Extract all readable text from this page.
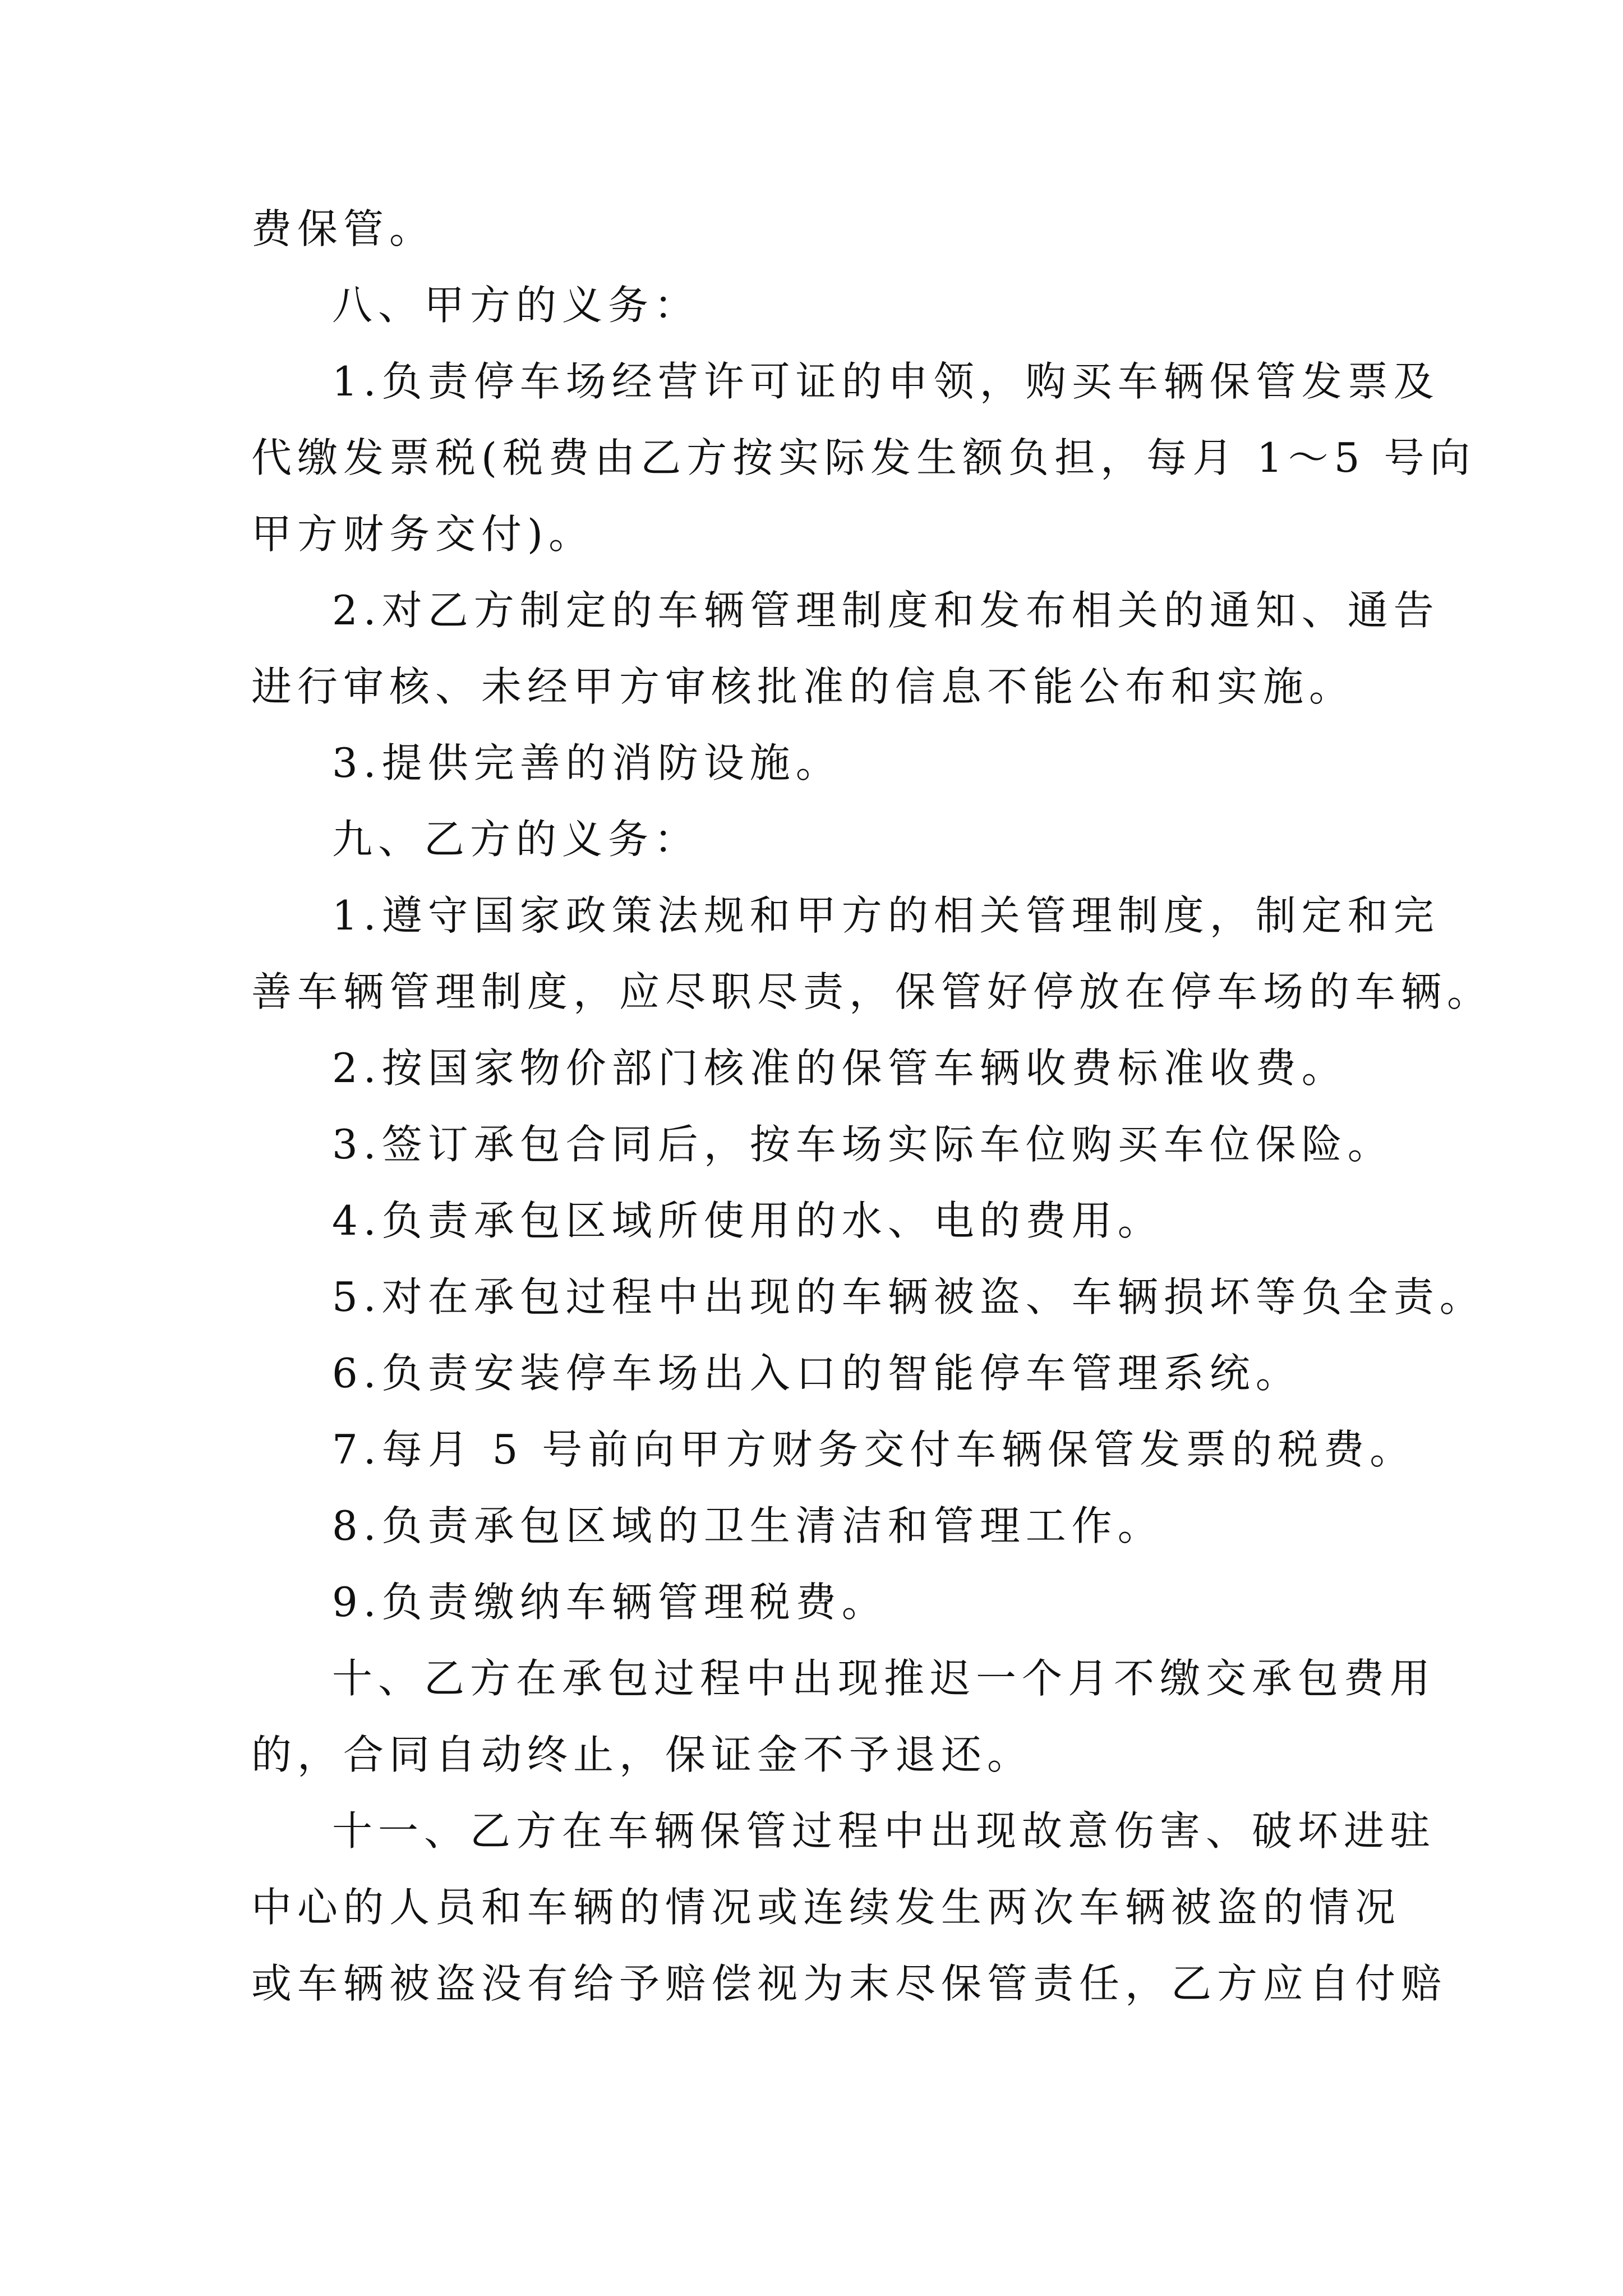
费保管。
八、甲方的义务：
1.负责停车场经营许可证的申领，购买车辆保管发票及
代缴发票税(税费由乙方按实际发生额负担，每月 1～5 号向
甲方财务交付)。
2.对乙方制定的车辆管理制度和发布相关的通知、通告
进行审核、未经甲方审核批准的信息不能公布和实施。
3.提供完善的消防设施。
九、乙方的义务：
1.遵守国家政策法规和甲方的相关管理制度，制定和完
善车辆管理制度，应尽职尽责，保管好停放在停车场的车辆。
2.按国家物价部门核准的保管车辆收费标准收费。
3.签订承包合同后，按车场实际车位购买车位保险。
4.负责承包区域所使用的水、电的费用。
5.对在承包过程中出现的车辆被盗、车辆损坏等负全责。
6.负责安装停车场出入口的智能停车管理系统。
7.每月 5 号前向甲方财务交付车辆保管发票的税费。
8.负责承包区域的卫生清洁和管理工作。
9.负责缴纳车辆管理税费。
十、乙方在承包过程中出现推迟一个月不缴交承包费用
的，合同自动终止，保证金不予退还。
十一、乙方在车辆保管过程中出现故意伤害、破坏进驻
中心的人员和车辆的情况或连续发生两次车辆被盗的情况
或车辆被盗没有给予赔偿视为末尽保管责任，乙方应自付赔
